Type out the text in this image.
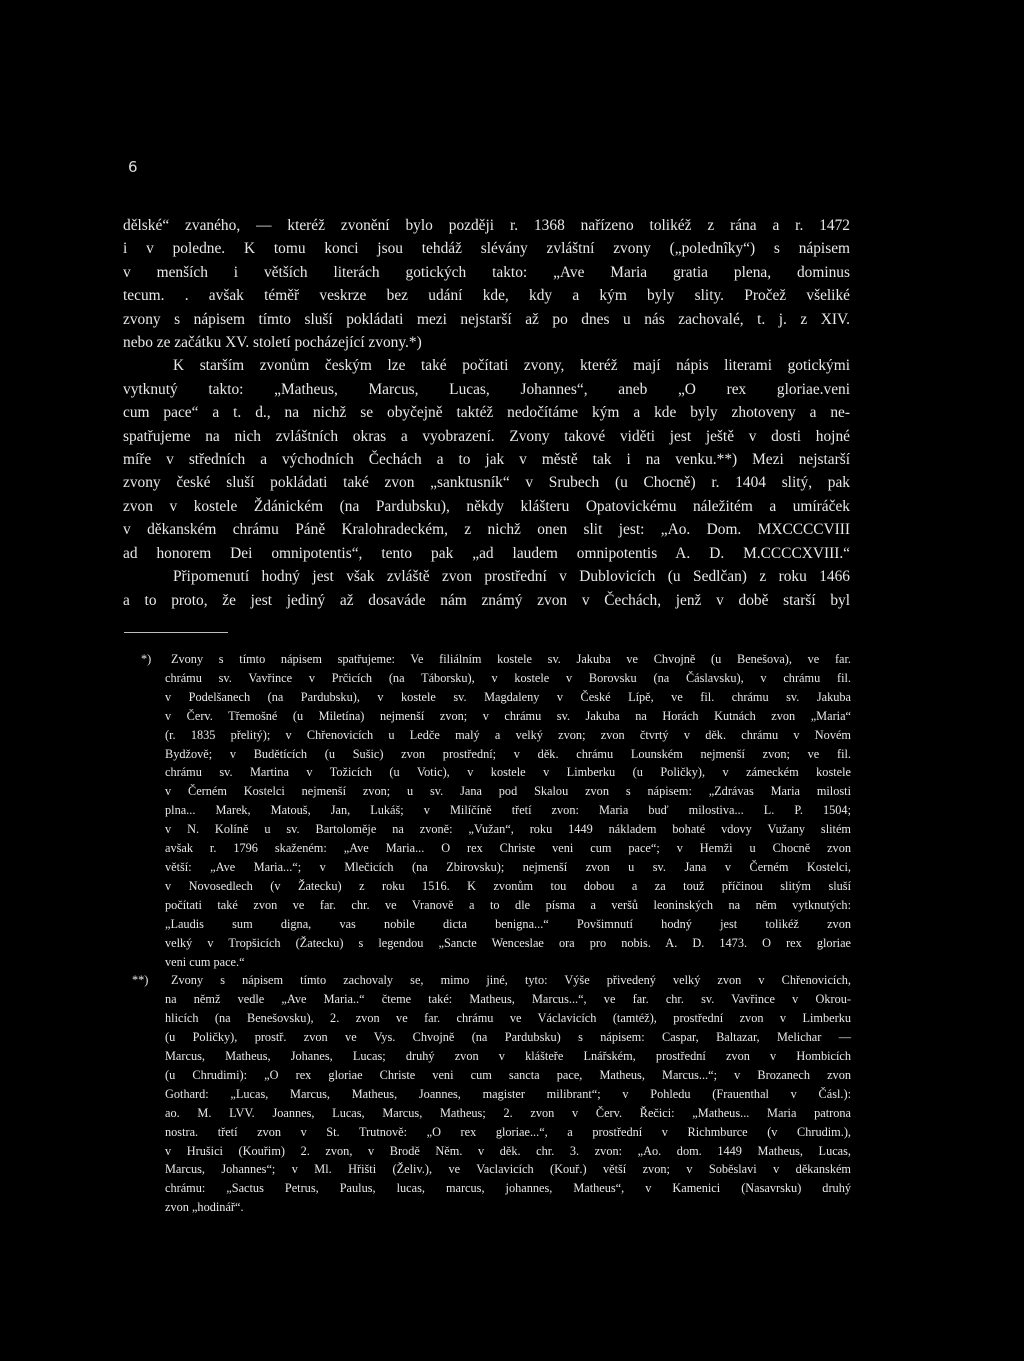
6

dělské“ zvaného, — kteréž zvonění bylo později r. 1368 nařízeno tolikéž z rána a r. 1472

i v poledne. K tomu konci jsou tehdáž slévány zvláštní zvony („polednîky“) s nápisem

v menších i větších literách gotických takto: „Ave Maria gratia plena, dominus

tecum. . avšak téměř veskrze bez udání kde, kdy a kým byly slity. Pročež všeliké

zvony s nápisem tímto sluší pokládati mezi nejstarší až po dnes u nás zachovalé, t. j. z XIV.

nebo ze začátku XV. století pocházející zvony.*)

K starším zvonům českým lze také počítati zvony, kteréž mají nápis literami gotickými

vytknutý takto: „Matheus, Marcus, Lucas, Johannes“, aneb „O rex gloriae.veni

cum pace“ a t. d., na nichž se obyčejně taktéž nedočítáme kým a kde byly zhotoveny a ne-

spatřujeme na nich zvláštních okras a vyobrazení. Zvony takové viděti jest ještě v dosti hojné

míře v středních a východních Čechách a to jak v městě tak i na venku.**) Mezi nejstarší

zvony české sluší pokládati také zvon „sanktusník“ v Srubech (u Chocně) r. 1404 slitý, pak

zvon v kostele Ždánickém (na Pardubsku), někdy klášteru Opatovickému náležitém a umíráček

v děkanském chrámu Páně Kralohradeckém, z nichž onen slit jest: „Ao. Dom. MXCCCCVIII

ad honorem Dei omnipotentis“, tento pak „ad laudem omnipotentis A. D. M.CCCCXVIII.“

Připomenutí hodný jest však zvláště zvon prostřední v Dublovicích (u Sedlčan) z roku 1466

a to proto, že jest jediný až dosaváde nám známý zvon v Čechách, jenž v době starší byl

*)	Zvony s tímto nápisem spatřujeme: Ve filiálním kostele sv. Jakuba ve Chvojně (u Benešova), ve far.
chrámu sv. Vavřince v Prčicích (na Táborsku), v kostele v Borovsku (na Čáslavsku), v chrámu fil.
v Podelšanech (na Pardubsku), v kostele sv. Magdaleny v České Lípě, ve fil. chrámu sv. Jakuba
v Červ. Třemošné (u Miletína) nejmenší zvon; v chrámu sv. Jakuba na Horách Kutnách zvon „Maria“
(r. 1835 přelitý); v Chřenovicích u Ledče malý a velký zvon; zvon čtvrtý v děk. chrámu v Novém
Bydžově; v Budětících (u Sušic) zvon prostřední; v děk. chrámu Lounském nejmenší zvon; ve fil.
chrámu sv. Martina v Tožicích (u Votic), v kostele v Limberku (u Poličky), v zámeckém kostele
v Černém Kostelci nejmenší zvon; u sv. Jana pod Skalou zvon s nápisem: „Zdrávas Maria milosti
plna... Marek, Matouš, Jan, Lukáš; v Milíčíně třetí zvon: Maria buď milostiva... L. P. 1504;
v N. Kolíně u sv. Bartoloměje na zvoně: „Vužan“, roku 1449 nákladem bohaté vdovy Vužany slitém
avšak r. 1796 skaženém: „Ave Maria... O rex Christe veni cum pace“; v Hemži u Chocně zvon
větší: „Ave Maria...“; v Mlečicích (na Zbirovsku); nejmenší zvon u sv. Jana v Černém Kostelci,
v Novosedlech (v Žatecku) z roku 1516. K zvonům tou dobou a za touž příčinou slitým sluší
počítati také zvon ve far. chr. ve Vranově a to dle písma a veršů leoninských na něm vytknutých:
„Laudis sum digna, vas nobile dicta benigna...“ Povšimnutí hodný jest tolikéž zvon
velký v Tropšicích (Žatecku) s legendou „Sancte Wenceslae ora pro nobis. A. D. 1473. O rex gloriae
veni cum pace.“
**)	Zvony s nápisem tímto zachovaly se, mimo jiné, tyto: Výše přivedený velký zvon v Chřenovicích,
na němž vedle „Ave Maria..“ čteme také: Matheus, Marcus...“, ve far. chr. sv. Vavřince v Okrou-
hlicích (na Benešovsku), 2. zvon ve far. chrámu ve Václavicích (tamtéž), prostřední zvon v Limberku
(u Poličky), prostř. zvon ve Vys. Chvojně (na Pardubsku) s nápisem: Caspar, Baltazar, Melichar —
Marcus, Matheus, Johanes, Lucas; druhý zvon v klášteře Lnářském, prostřední zvon v Hombicích
(u Chrudimi): „O rex gloriae Christe veni cum sancta pace, Matheus, Marcus...“; v Brozanech zvon
Gothard: „Lucas, Marcus, Matheus, Joannes, magister milibrant“; v Pohledu (Frauenthal v Čásl.):
ao. M. LVV. Joannes, Lucas, Marcus, Matheus; 2. zvon v Červ. Řečici: „Matheus... Maria patrona
nostra. třetí zvon v St. Trutnově: „O rex gloriae...“, a prostřední v Richmburce (v Chrudim.),
v Hrušici (Kouřim) 2. zvon, v Brodě Něm. v děk. chr. 3. zvon: „Ao. dom. 1449 Matheus, Lucas,
Marcus, Johannes“; v Ml. Hřišti (Želiv.), ve Vaclavicích (Kouř.) větší zvon; v Soběslavi v děkanském
chrámu: „Sactus Petrus, Paulus, lucas, marcus, johannes, Matheus“, v Kamenici (Nasavrsku) druhý
zvon „hodinář“.
